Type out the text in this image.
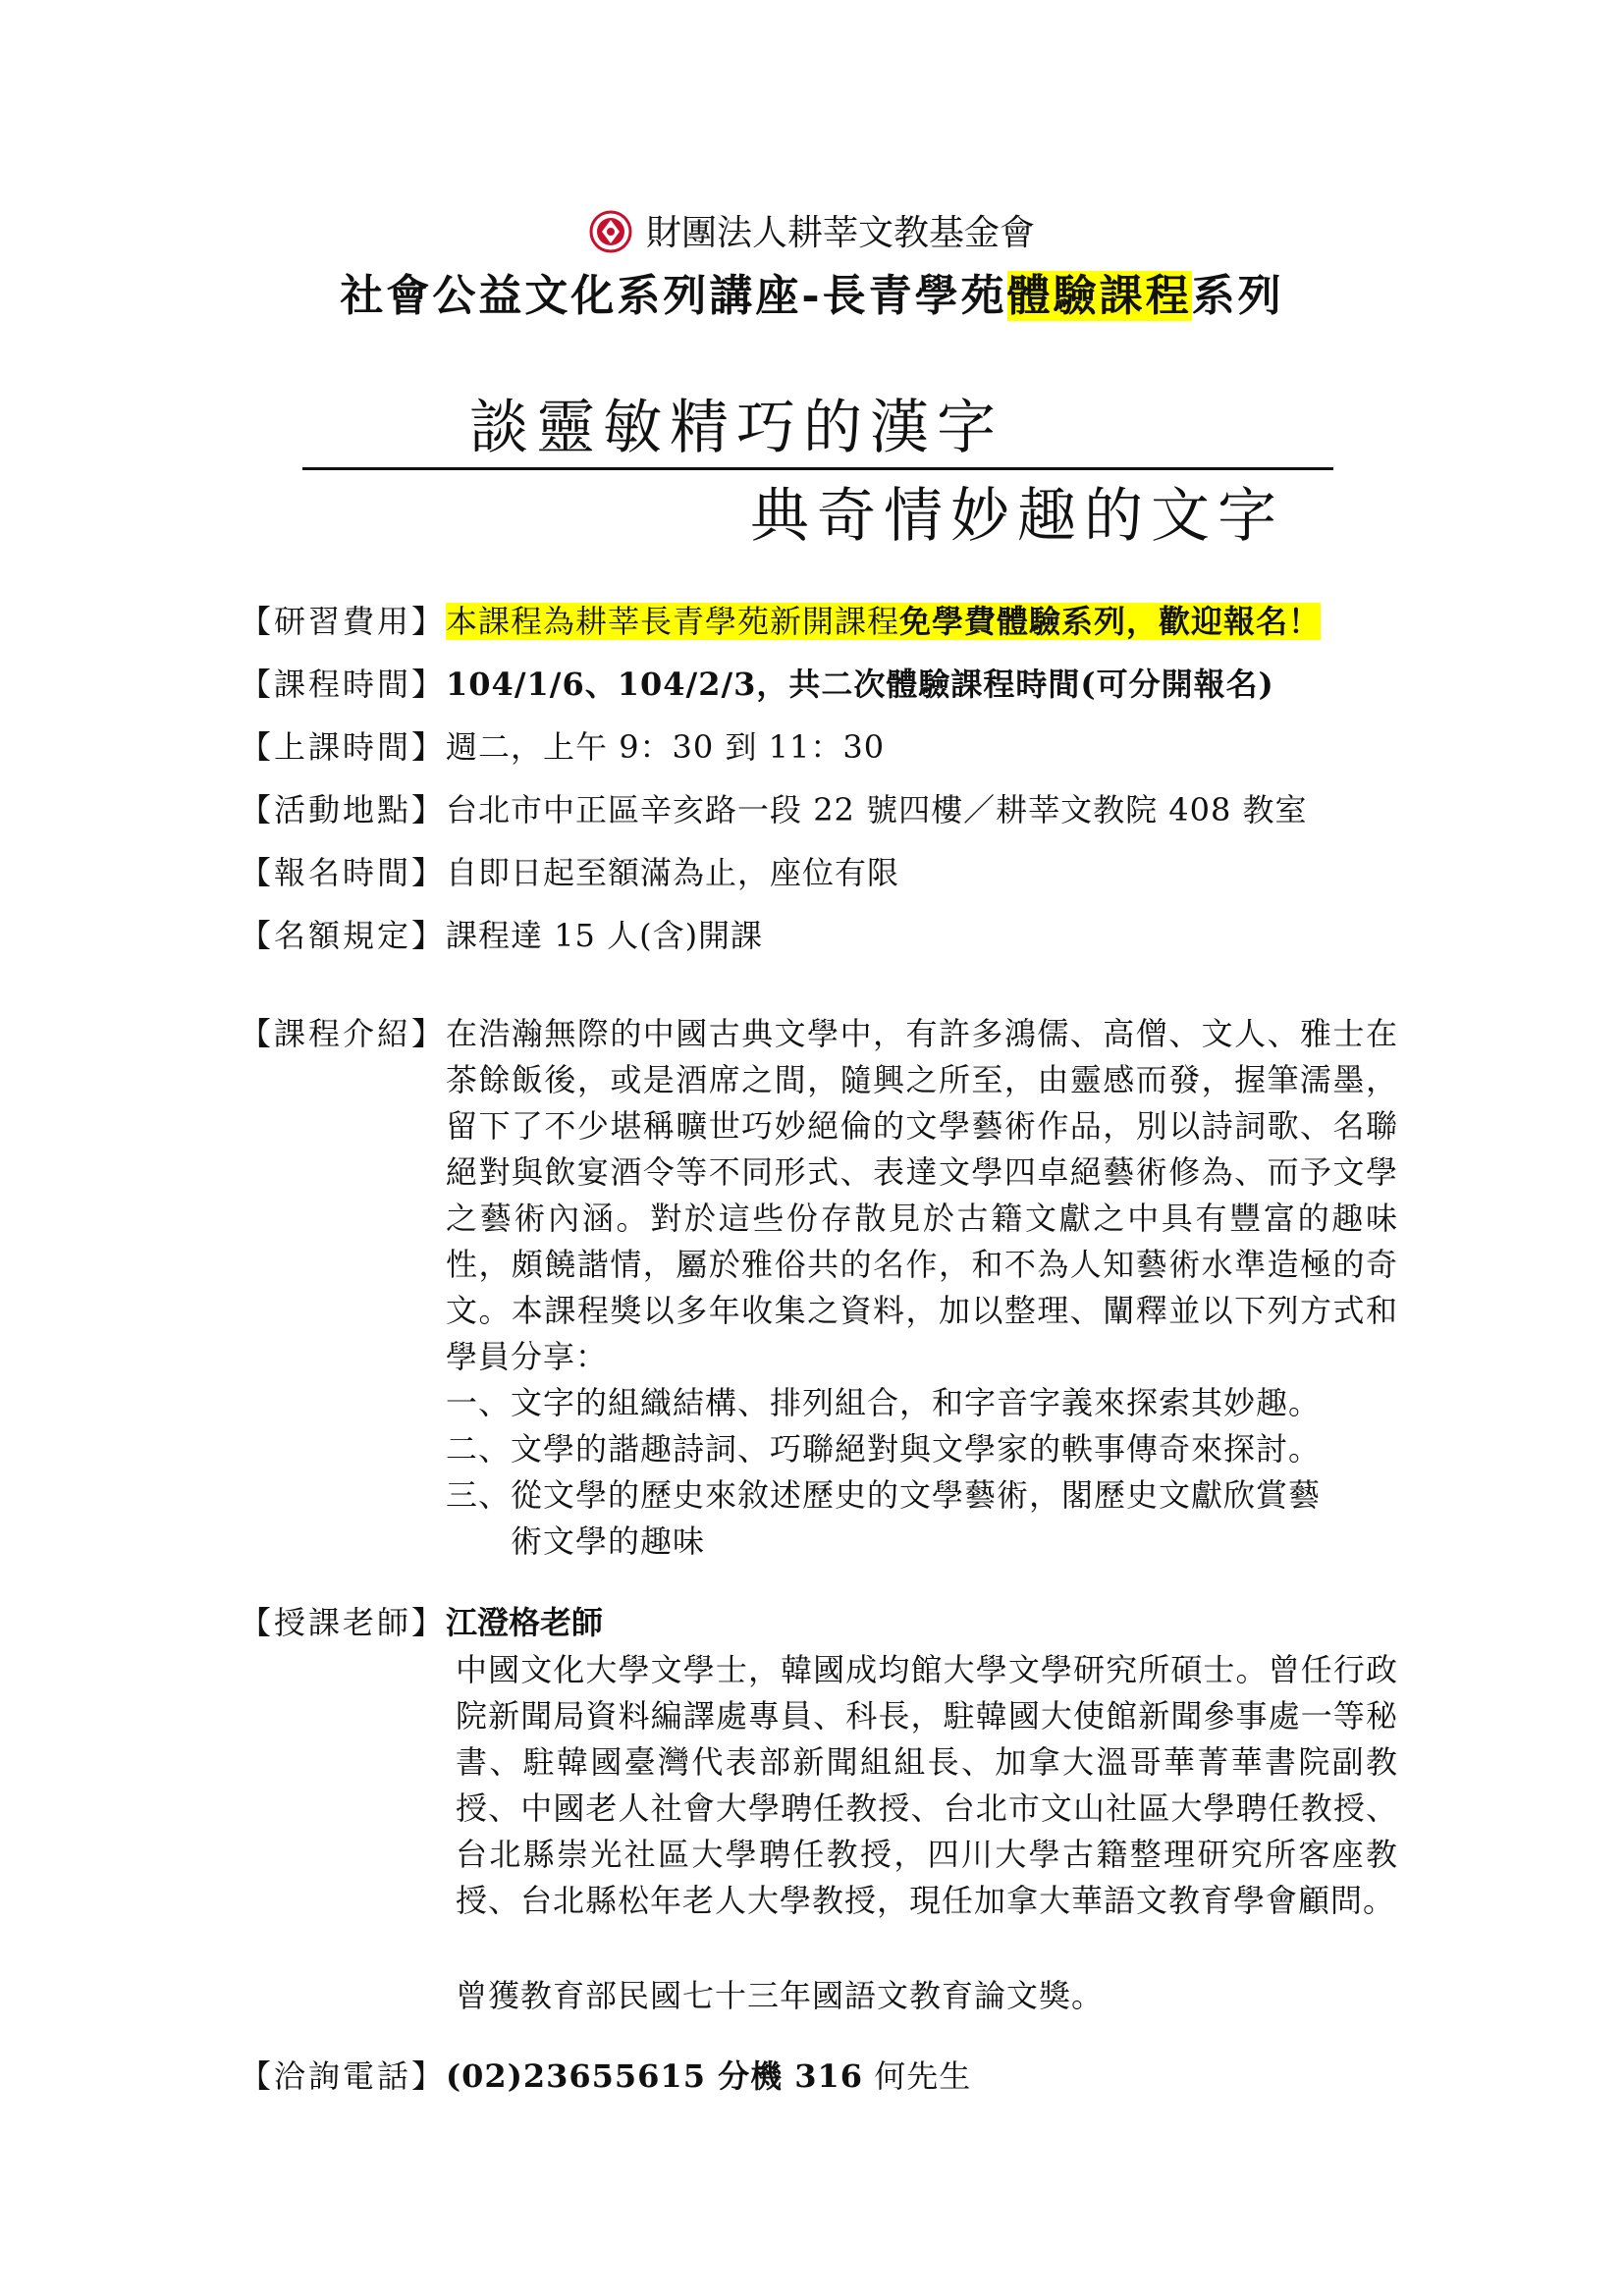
財團法人耕莘文教基金會
社會公益文化系列講座-長青學苑體驗課程系列
談靈敏精巧的漢字
典奇情妙趣的文字
【研習費用】本課程為耕莘長青學苑新開課程免學費體驗系列，歡迎報名！
【課程時間】104/1/6、104/2/3，共二次體驗課程時間(可分開報名)
【上課時間】週二，上午 9：30 到 11：30
【活動地點】台北市中正區辛亥路一段 22 號四樓／耕莘文教院 408 教室
【報名時間】自即日起至額滿為止，座位有限
【名額規定】課程達 15 人(含)開課
【課程介紹】 在浩瀚無際的中國古典文學中，有許多鴻儒、高僧、文人、雅士在茶餘飯後，或是酒席之間，隨興之所至，由靈感而發，握筆濡墨，留下了不少堪稱曠世巧妙絕倫的文學藝術作品，別以詩詞歌、名聯絕對與飲宴酒令等不同形式、表達文學四卓絕藝術修為、而予文學之藝術內涵。對於這些份存散見於古籍文獻之中具有豐富的趣味性，頗饒諧情，屬於雅俗共的名作，和不為人知藝術水準造極的奇文。本課程獎以多年收集之資料，加以整理、闡釋並以下列方式和學員分享：
一、文字的組織結構、排列組合，和字音字義來探索其妙趣。
二、文學的諧趣詩詞、巧聯絕對與文學家的軼事傳奇來探討。
三、從文學的歷史來敘述歷史的文學藝術，閣歷史文獻欣賞藝
術文學的趣味
【授課老師】 江澄格老師
中國文化大學文學士，韓國成均館大學文學研究所碩士。曾任行政院新聞局資料編譯處專員、科長，駐韓國大使館新聞參事處一等秘書、駐韓國臺灣代表部新聞組組長、加拿大溫哥華菁華書院副教授、中國老人社會大學聘任教授、台北市文山社區大學聘任教授、台北縣崇光社區大學聘任教授，四川大學古籍整理研究所客座教授、台北縣松年老人大學教授，現任加拿大華語文教育學會顧問。
曾獲教育部民國七十三年國語文教育論文獎。
【洽詢電話】(02)23655615 分機 316 何先生
